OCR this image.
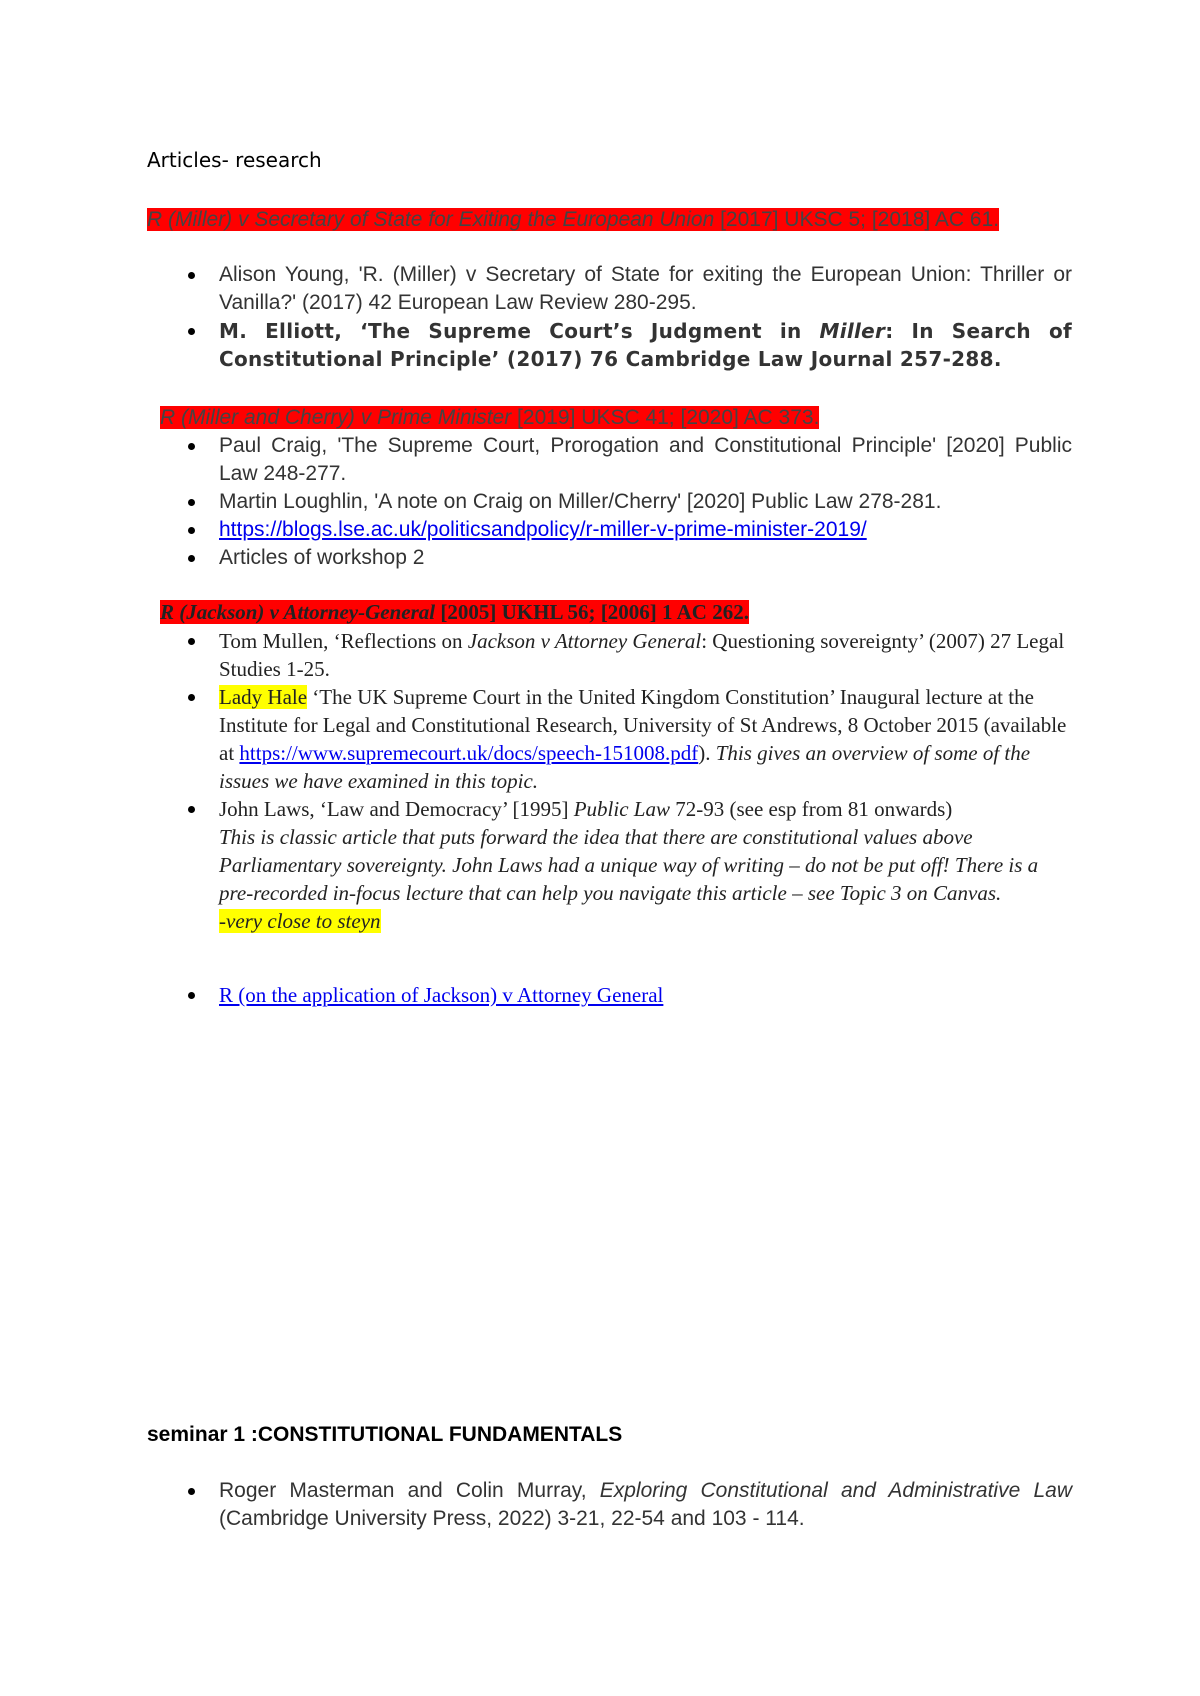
Articles- research
R (Miller) v Secretary of State for Exiting the European Union [2017] UKSC 5; [2018] AC 61.
Alison Young, 'R. (Miller) v Secretary of State for exiting the European Union: Thriller or Vanilla?' (2017) 42 European Law Review 280-295.
M. Elliott, ‘The Supreme Court’s Judgment in Miller: In Search of Constitutional Principle’ (2017) 76 Cambridge Law Journal 257-288.
R (Miller and Cherry) v Prime Minister [2019] UKSC 41; [2020] AC 373.
Paul Craig, 'The Supreme Court, Prorogation and Constitutional Principle' [2020] Public Law 248-277.
Martin Loughlin, 'A note on Craig on Miller/Cherry' [2020] Public Law 278-281.
https://blogs.lse.ac.uk/politicsandpolicy/r-miller-v-prime-minister-2019/
Articles of workshop 2
R (Jackson) v Attorney-General [2005] UKHL 56; [2006] 1 AC 262.
Tom Mullen, ‘Reflections on Jackson v Attorney General: Questioning sovereignty’ (2007) 27 Legal Studies 1-25.
Lady Hale ‘The UK Supreme Court in the United Kingdom Constitution’ Inaugural lecture at the Institute for Legal and Constitutional Research, University of St Andrews, 8 October 2015 (available at https://www.supremecourt.uk/docs/speech-151008.pdf). This gives an overview of some of the issues we have examined in this topic.
John Laws, ‘Law and Democracy’ [1995] Public Law 72-93 (see esp from 81 onwards)
This is classic article that puts forward the idea that there are constitutional values above Parliamentary sovereignty. John Laws had a unique way of writing – do not be put off! There is a pre-recorded in-focus lecture that can help you navigate this article – see Topic 3 on Canvas.
-very close to steyn
R (on the application of Jackson) v Attorney General
seminar 1 :CONSTITUTIONAL FUNDAMENTALS
Roger Masterman and Colin Murray, Exploring Constitutional and Administrative Law (Cambridge University Press, 2022) 3-21, 22-54 and 103 - 114.
